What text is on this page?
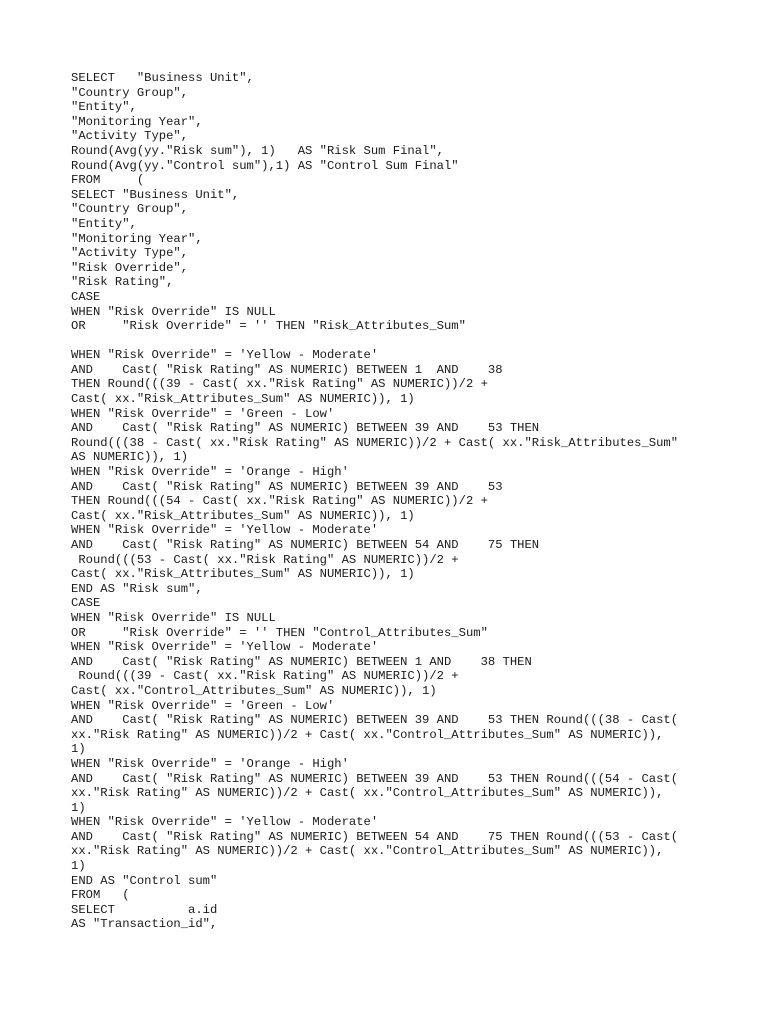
SELECT   "Business Unit",
"Country Group",
"Entity",
"Monitoring Year",
"Activity Type",
Round(Avg(yy."Risk sum"), 1)   AS "Risk Sum Final",
Round(Avg(yy."Control sum"),1) AS "Control Sum Final"
FROM     (
SELECT "Business Unit",
"Country Group",
"Entity",
"Monitoring Year",
"Activity Type",
"Risk Override",
"Risk Rating",
CASE
WHEN "Risk Override" IS NULL
OR     "Risk Override" = '' THEN "Risk_Attributes_Sum"
WHEN "Risk Override" = 'Yellow - Moderate'
AND    Cast( "Risk Rating" AS NUMERIC) BETWEEN 1  AND    38
THEN Round(((39 - Cast( xx."Risk Rating" AS NUMERIC))/2 +
Cast( xx."Risk_Attributes_Sum" AS NUMERIC)), 1)
WHEN "Risk Override" = 'Green - Low'
AND    Cast( "Risk Rating" AS NUMERIC) BETWEEN 39 AND    53 THEN
Round(((38 - Cast( xx."Risk Rating" AS NUMERIC))/2 + Cast( xx."Risk_Attributes_Sum"
AS NUMERIC)), 1)
WHEN "Risk Override" = 'Orange - High'
AND    Cast( "Risk Rating" AS NUMERIC) BETWEEN 39 AND    53
THEN Round(((54 - Cast( xx."Risk Rating" AS NUMERIC))/2 +
Cast( xx."Risk_Attributes_Sum" AS NUMERIC)), 1)
WHEN "Risk Override" = 'Yellow - Moderate'
AND    Cast( "Risk Rating" AS NUMERIC) BETWEEN 54 AND    75 THEN
Round(((53 - Cast( xx."Risk Rating" AS NUMERIC))/2 +
Cast( xx."Risk_Attributes_Sum" AS NUMERIC)), 1)
END AS "Risk sum",
CASE
WHEN "Risk Override" IS NULL
OR     "Risk Override" = '' THEN "Control_Attributes_Sum"
WHEN "Risk Override" = 'Yellow - Moderate'
AND    Cast( "Risk Rating" AS NUMERIC) BETWEEN 1 AND    38 THEN
Round(((39 - Cast( xx."Risk Rating" AS NUMERIC))/2 +
Cast( xx."Control_Attributes_Sum" AS NUMERIC)), 1)
WHEN "Risk Override" = 'Green - Low'
AND    Cast( "Risk Rating" AS NUMERIC) BETWEEN 39 AND    53 THEN Round(((38 - Cast(
xx."Risk Rating" AS NUMERIC))/2 + Cast( xx."Control_Attributes_Sum" AS NUMERIC)),
1)
WHEN "Risk Override" = 'Orange - High'
AND    Cast( "Risk Rating" AS NUMERIC) BETWEEN 39 AND    53 THEN Round(((54 - Cast(
xx."Risk Rating" AS NUMERIC))/2 + Cast( xx."Control_Attributes_Sum" AS NUMERIC)),
1)
WHEN "Risk Override" = 'Yellow - Moderate'
AND    Cast( "Risk Rating" AS NUMERIC) BETWEEN 54 AND    75 THEN Round(((53 - Cast(
xx."Risk Rating" AS NUMERIC))/2 + Cast( xx."Control_Attributes_Sum" AS NUMERIC)),
1)
END AS "Control sum"
FROM   (
SELECT          a.id
AS "Transaction_id",
